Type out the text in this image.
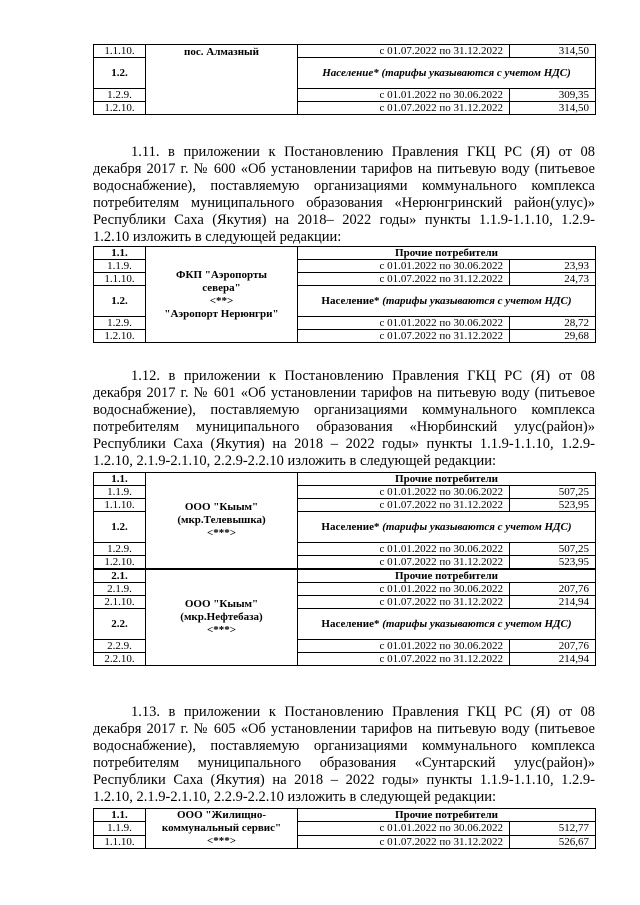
1.1.10.	пос. Алмазный	с 01.07.2022 по 31.12.2022	314,50
1.2.		Население* (тарифы указываются с учетом НДС)	
1.2.9.		с 01.01.2022 по 30.06.2022	309,35
1.2.10.		с 01.07.2022 по 31.12.2022	314,50
1.11. в приложении к Постановлению Правления ГКЦ РС (Я) от 08
декабря 2017 г. № 600 «Об установлении тарифов на питьевую воду (питьевое
водоснабжение), поставляемую организациями коммунального комплекса
потребителям муниципального образования «Нерюнгринский район(улус)»
Республики Саха (Якутия) на 2018– 2022 годы» пункты 1.1.9-1.1.10, 1.2.9-
1.2.10 изложить в следующей редакции:
1.1.	ФКП "Аэропорты
севера"
<**>
"Аэропорт Нерюнгри"	Прочие потребители	
1.1.9.		с 01.01.2022 по 30.06.2022	23,93
1.1.10.		с 01.07.2022 по 31.12.2022	24,73
1.2.		Население* (тарифы указываются с учетом НДС)	
1.2.9.		с 01.01.2022 по 30.06.2022	28,72
1.2.10.		с 01.07.2022 по 31.12.2022	29,68
1.12. в приложении к Постановлению Правления ГКЦ РС (Я) от 08
декабря 2017 г. № 601 «Об установлении тарифов на питьевую воду (питьевое
водоснабжение), поставляемую организациями коммунального комплекса
потребителям муниципального образования «Нюрбинский улус(район)»
Республики Саха (Якутия) на 2018 – 2022 годы» пункты 1.1.9-1.1.10, 1.2.9-
1.2.10, 2.1.9-2.1.10, 2.2.9-2.2.10 изложить в следующей редакции:
1.1.	ООО "Кыым"
(мкр.Телевышка)
<***>	Прочие потребители	
1.1.9.		с 01.01.2022 по 30.06.2022	507,25
1.1.10.		с 01.07.2022 по 31.12.2022	523,95
1.2.		Население* (тарифы указываются с учетом НДС)	
1.2.9.		с 01.01.2022 по 30.06.2022	507,25
1.2.10.		с 01.07.2022 по 31.12.2022	523,95
2.1.	ООО "Кыым"
(мкр.Нефтебаза)
<***>	Прочие потребители	
2.1.9.		с 01.01.2022 по 30.06.2022	207,76
2.1.10.		с 01.07.2022 по 31.12.2022	214,94
2.2.		Население* (тарифы указываются с учетом НДС)	
2.2.9.		с 01.01.2022 по 30.06.2022	207,76
2.2.10.		с 01.07.2022 по 31.12.2022	214,94
1.13. в приложении к Постановлению Правления ГКЦ РС (Я) от 08
декабря 2017 г. № 605 «Об установлении тарифов на питьевую воду (питьевое
водоснабжение), поставляемую организациями коммунального комплекса
потребителям муниципального образования «Сунтарский улус(район)»
Республики Саха (Якутия) на 2018 – 2022 годы» пункты 1.1.9-1.1.10, 1.2.9-
1.2.10, 2.1.9-2.1.10, 2.2.9-2.2.10 изложить в следующей редакции:
1.1.	ООО "Жилищно-
коммунальный сервис"
<***>	Прочие потребители	
1.1.9.		с 01.01.2022 по 30.06.2022	512,77
1.1.10.		с 01.07.2022 по 31.12.2022	526,67
